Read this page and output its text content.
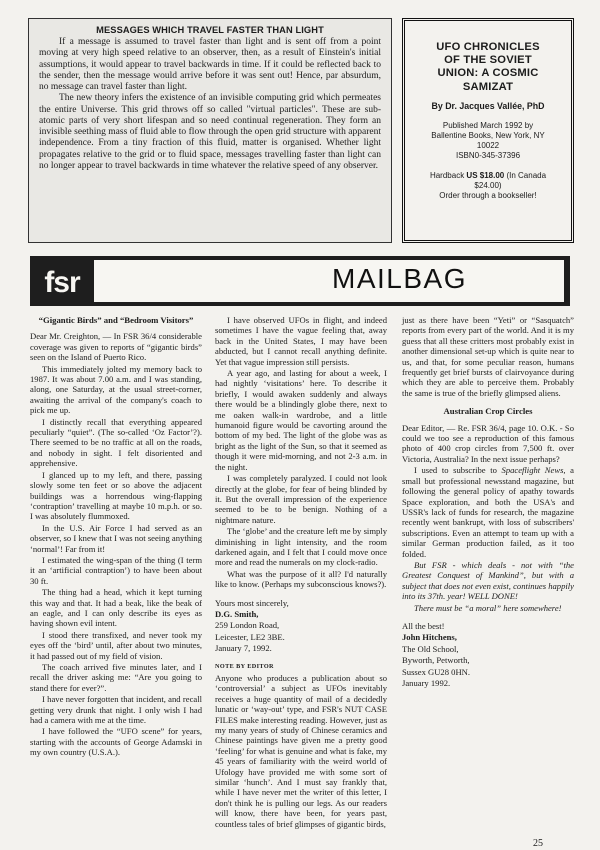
MESSAGES WHICH TRAVEL FASTER THAN LIGHT

If a message is assumed to travel faster than light and is sent off from a point moving at very high speed relative to an observer, then, as a result of Einstein's initial assumptions, it would appear to travel backwards in time. If it could be reflected back to the sender, then the message would arrive before it was sent out! Hence, par absurdum, no message can travel faster than light.

The new theory infers the existence of an invisible computing grid which permeates the entire Universe. This grid throws off so called "virtual particles". These are sub-atomic parts of very short lifespan and so need continual regeneration. They form an invisible seething mass of fluid able to flow through the open grid structure with apparent independence. From a tiny fraction of this fluid, matter is organised. Whether light propagates relative to the grid or to fluid space, messages travelling faster than light can no longer appear to travel backwards in time whatever the relative speed of any observer.

UFO CHRONICLES
OF THE SOVIET
UNION: A COSMIC
SAMIZAT
By Dr. Jacques Vallée, PhD
Published March 1992 by
Ballentine Books, New York, NY
10022
ISBN0-345-37396
Hardback US $18.00 (In Canada
$24.00)
Order through a bookseller!
fsr	MAILBAG

“Gigantic Birds” and “Bedroom Visitors”

Dear Mr. Creighton, — In FSR 36/4 considerable coverage was given to reports of “gigantic birds” seen on the Island of Puerto Rico.

This immediately jolted my memory back to 1987. It was about 7.00 a.m. and I was standing, along, one Saturday, at the usual street-corner, awaiting the arrival of the company's coach to pick me up.

I distinctly recall that everything appeared peculiarly “quiet”. (The so-called ‘Oz Factor’?). There seemed to be no traffic at all on the roads, and nobody in sight. I felt disoriented and apprehensive.

I glanced up to my left, and there, passing slowly some ten feet or so above the adjacent buildings was a horrendous wing-flapping ‘contraption’ travelling at maybe 10 m.p.h. or so. I was absolutely flummoxed.

In the U.S. Air Force I had served as an observer, so I knew that I was not seeing anything ‘normal’! Far from it!

I estimated the wing-span of the thing (I term it an ‘artificial contraption’) to have been about 30 ft.

The thing had a head, which it kept turning this way and that. It had a beak, like the beak of an eagle, and I can only describe its eyes as having shown evil intent.

I stood there transfixed, and never took my eyes off the ‘bird’ until, after about two minutes, it had passed out of my field of vision.

The coach arrived five minutes later, and I recall the driver asking me: “Are you going to stand there for ever?”.

I have never forgotten that incident, and recall getting very drunk that night. I only wish I had had a camera with me at the time.

I have followed the “UFO scene” for years, starting with the accounts of George Adamski in my own country (U.S.A.).

I have observed UFOs in flight, and indeed sometimes I have the vague feeling that, away back in the United States, I may have been abducted, but I cannot recall anything definite. Yet that vague impression still persists.

A year ago, and lasting for about a week, I had nightly ‘visitations’ here. To describe it briefly, I would awaken suddenly and always there would be a blindingly globe there, next to me oaken walk-in wardrobe, and a little humanoid figure would be cavorting around the bottom of my bed. The light of the globe was as bright as the light of the Sun, so that it seemed as though it were mid-morning, and not 2-3 a.m. in the night.

I was completely paralyzed. I could not look directly at the globe, for fear of being blinded by it. But the overall impression of the experience seemed to be to be benign. Nothing of a nightmare nature.

The ‘globe’ and the creature left me by simply diminishing in light intensity, and the room darkened again, and I felt that I could move once more and read the numerals on my clock-radio.

What was the purpose of it all? I'd naturally like to know. (Perhaps my subconscious knows?).

Yours most sincerely,

D.G. Smith,

259 London Road,

Leicester, LE2 3BE.

January 7, 1992.

NOTE BY EDITOR

Anyone who produces a publication about so ‘controversial’ a subject as UFOs inevitably receives a huge quantity of mail of a decidedly lunatic or ‘way-out’ type, and FSR's NUT CASE FILES make interesting reading. However, just as my many years of study of Chinese ceramics and Chinese paintings have given me a pretty good ‘feeling’ for what is genuine and what is fake, my 45 years of familiarity with the weird world of Ufology have provided me with some sort of similar ‘hunch’. And I must say frankly that, while I have never met the writer of this letter, I don't think he is pulling our legs. As our readers will know, there have been, for years past, countless tales of brief glimpses of gigantic birds,

just as there have been “Yeti” or “Sasquatch” reports from every part of the world. And it is my guess that all these critters most probably exist in another dimensional set-up which is quite near to us, and that, for some peculiar reason, humans frequently get brief bursts of clairvoyance during which they are able to perceive them. Probably the same is true of the briefly glimpsed aliens.

Australian Crop Circles

Dear Editor, — Re. FSR 36/4, page 10. O.K. - So could we too see a reproduction of this famous photo of 400 crop circles from 7,500 ft. over Victoria, Australia? In the next issue perhaps?

I used to subscribe to Spaceflight News, a small but professional newsstand magazine, but following the general policy of apathy towards Space exploration, and both the USA's and USSR's lack of funds for research, the magazine recently went bankrupt, with loss of subscribers' subscriptions. Even an attempt to team up with a similar German production failed, as it too folded.

But FSR - which deals - not with “the Greatest Conquest of Mankind”, but with a subject that does not even exist, continues happily into its 37th. year! WELL DONE!

There must be “a moral” here somewhere!

All the best!

John Hitchens,

The Old School,

Byworth, Petworth,

Sussex GU28 0HN.

January 1992.

25
